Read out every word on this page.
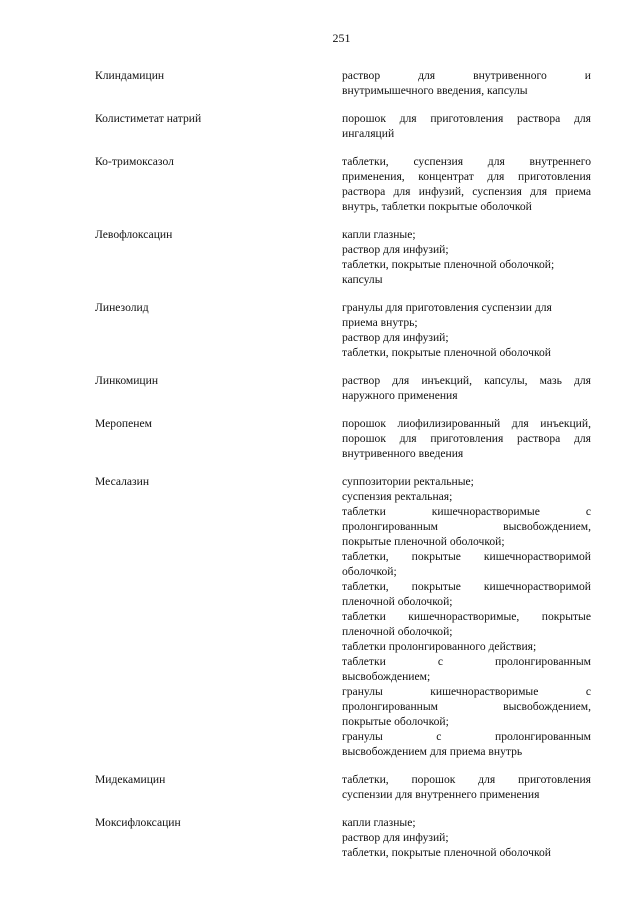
251
Клиндамицин	раствор для внутривенного и
внутримышечного введения, капсулы
Колистиметат натрий	порошок для приготовления раствора для
ингаляций
Ко-тримоксазол	таблетки, суспензия для внутреннего
применения, концентрат для приготовления
раствора для инфузий, суспензия для приема
внутрь, таблетки покрытые оболочкой
Левофлоксацин	капли глазные;
раствор для инфузий;
таблетки, покрытые пленочной оболочкой;
капсулы
Линезолид	гранулы для приготовления суспензии для
приема внутрь;
раствор для инфузий;
таблетки, покрытые пленочной оболочкой
Линкомицин	раствор для инъекций, капсулы, мазь для
наружного применения
Меропенем	порошок лиофилизированный для инъекций,
порошок для приготовления раствора для
внутривенного введения
Месалазин	суппозитории ректальные;
суспензия ректальная;
таблетки кишечнорастворимые с
пролонгированным высвобождением,
покрытые пленочной оболочкой;
таблетки, покрытые кишечнорастворимой
оболочкой;
таблетки, покрытые кишечнорастворимой
пленочной оболочкой;
таблетки кишечнорастворимые, покрытые
пленочной оболочкой;
таблетки пролонгированного действия;
таблетки с пролонгированным
высвобождением;
гранулы кишечнорастворимые с
пролонгированным высвобождением,
покрытые оболочкой;
гранулы с пролонгированным
высвобождением для приема внутрь
Мидекамицин	таблетки, порошок для приготовления
суспензии для внутреннего применения
Моксифлоксацин	капли глазные;
раствор для инфузий;
таблетки, покрытые пленочной оболочкой
